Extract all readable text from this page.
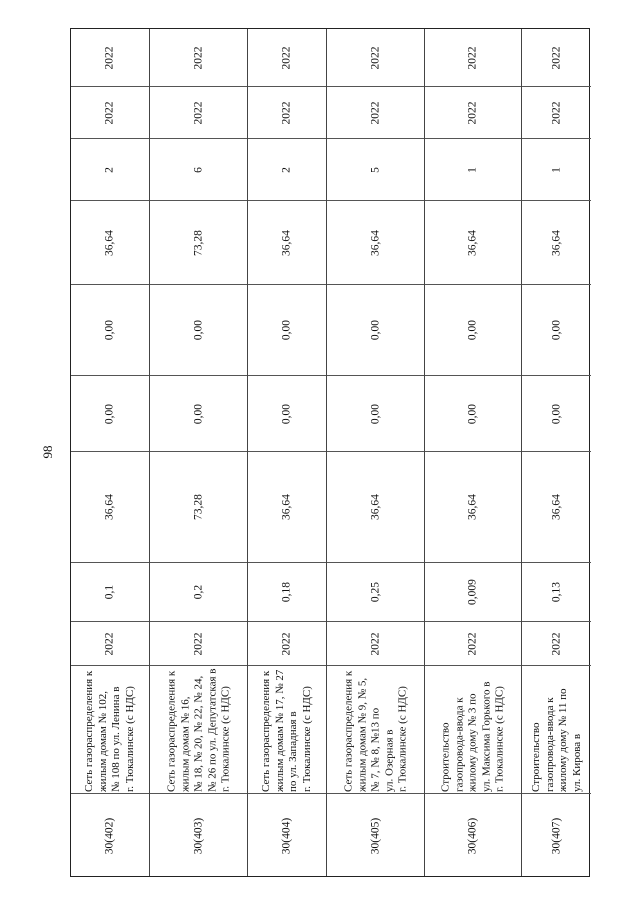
98
2022
2022
2
36,64
0,00
0,00
36,64
0,1
2022
Сеть газораспределения к
жилым домам № 102,
№ 108 по ул. Ленина в
г. Тюкалинске (с НДС)
30(402)
2022
2022
6
73,28
0,00
0,00
73,28
0,2
2022
Сеть газораспределения к
жилым домам № 16,
№ 18, № 20, № 22, № 24,
№ 26 по ул. Депутатская в
г. Тюкалинске (с НДС)
30(403)
2022
2022
2
36,64
0,00
0,00
36,64
0,18
2022
Сеть газораспределения к
жилым домам № 17, № 27
по ул. Западная в
г. Тюкалинске (с НДС)
30(404)
2022
2022
5
36,64
0,00
0,00
36,64
0,25
2022
Сеть газораспределения к
жилым домам № 9, № 5,
№ 7, № 8, №13 по
ул. Озерная в
г. Тюкалинске (с НДС)
30(405)
2022
2022
1
36,64
0,00
0,00
36,64
0,009
2022
Строительство
газопровода-ввода к
жилому дому № 3 по
ул. Максима Горького в
г. Тюкалинске (с НДС)
30(406)
2022
2022
1
36,64
0,00
0,00
36,64
0,13
2022
Строительство
газопровода-ввода к
жилому дому № 11 по
ул. Кирова в
30(407)
